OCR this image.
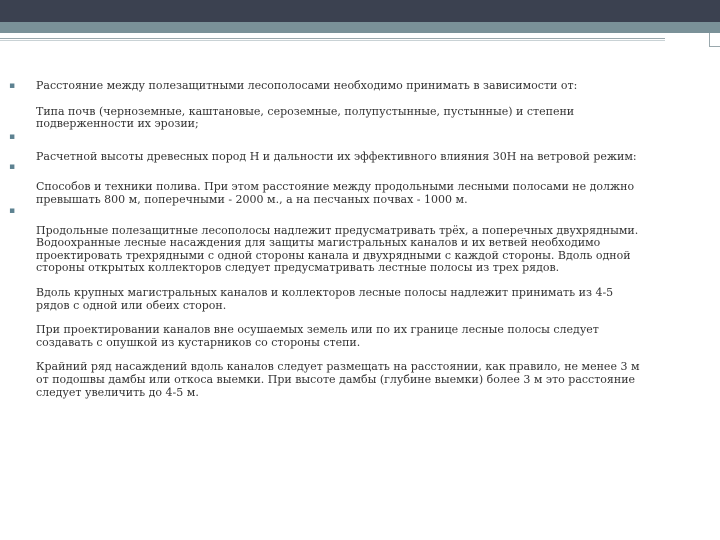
▪ Расстояние между полезащитными лесополосами необходимо принимать в зависимости от:

Типа почв (черноземные, каштановые, сероземные, полупустынные, пустынные) и степени подверженности их эрозии;

▪

Расчетной высоты древесных пород Н и дальности их эффективного влияния 30Н на ветровой режим:

▪

Способов и техники полива. При этом расстояние между продольными лесными полосами не должно превышать 800 м, поперечными - 2000 м., а на песчаных почвах - 1000 м.

▪

Продольные полезащитные лесополосы надлежит предусматривать трёх, а поперечных двухрядными. Водоохранные лесные насаждения для защиты магистральных каналов и их ветвей необходимо проектировать трехрядными с одной стороны канала и двухрядными с каждой стороны. Вдоль одной стороны открытых коллекторов следует предусматривать лестные полосы из трех рядов.

Вдоль крупных магистральных каналов и коллекторов лесные полосы надлежит принимать из 4-5 рядов с одной или обеих сторон.

При проектировании каналов вне осушаемых земель или по их границе лесные полосы следует создавать с опушкой из кустарников со стороны степи.

Крайний ряд насаждений вдоль каналов следует размещать на расстоянии, как правило, не менее 3 м от подошвы дамбы или откоса выемки. При высоте дамбы (глубине выемки) более 3 м это расстояние следует увеличить до 4-5 м.
